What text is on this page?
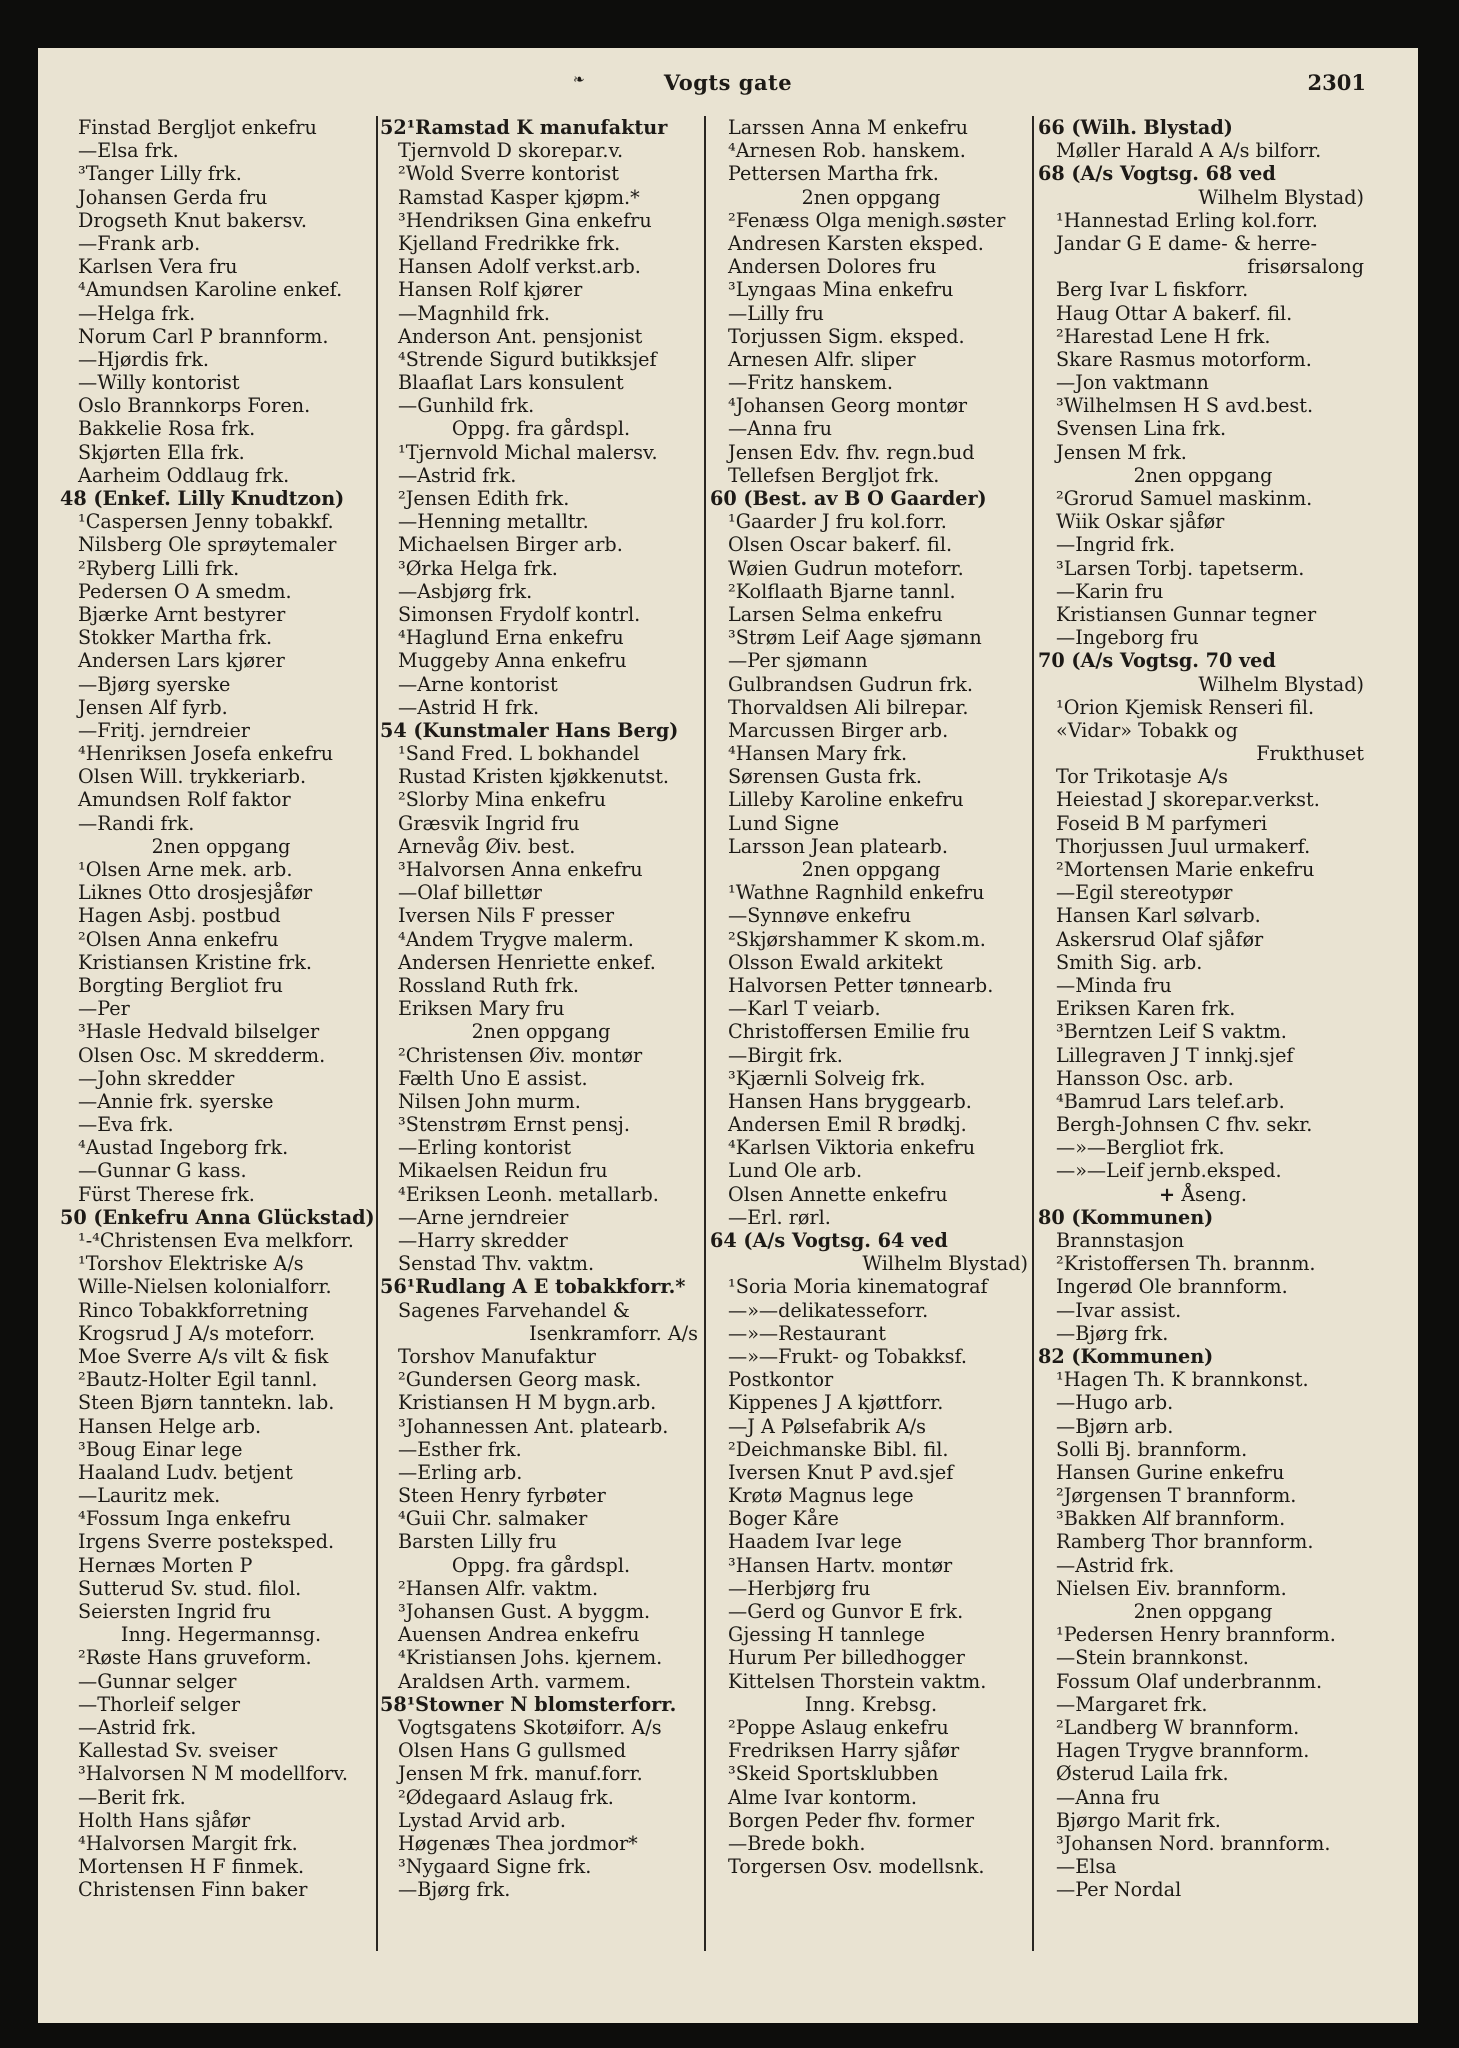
❧	Vogts gate	2301
Finstad Bergljot enkefru
—Elsa frk.
³Tanger Lilly frk.
Johansen Gerda fru
Drogseth Knut bakersv.
—Frank arb.
Karlsen Vera fru
⁴Amundsen Karoline enkef.
—Helga frk.
Norum Carl P brannform.
—Hjørdis frk.
—Willy kontorist
Oslo Brannkorps Foren.
Bakkelie Rosa frk.
Skjørten Ella frk.
Aarheim Oddlaug frk.
48 (Enkef. Lilly Knudtzon)
¹Caspersen Jenny tobakkf.
Nilsberg Ole sprøytemaler
²Ryberg Lilli frk.
Pedersen O A smedm.
Bjærke Arnt bestyrer
Stokker Martha frk.
Andersen Lars kjører
—Bjørg syerske
Jensen Alf fyrb.
—Fritj. jerndreier
⁴Henriksen Josefa enkefru
Olsen Will. trykkeriarb.
Amundsen Rolf faktor
—Randi frk.
2nen oppgang
¹Olsen Arne mek. arb.
Liknes Otto drosjesjåfør
Hagen Asbj. postbud
²Olsen Anna enkefru
Kristiansen Kristine frk.
Borgting Bergliot fru
—Per
³Hasle Hedvald bilselger
Olsen Osc. M skredderm.
—John skredder
—Annie frk. syerske
—Eva frk.
⁴Austad Ingeborg frk.
—Gunnar G kass.
Fürst Therese frk.
50 (Enkefru Anna Glückstad)
¹-⁴Christensen Eva melkforr.
¹Torshov Elektriske A/s
Wille-Nielsen kolonialforr.
Rinco Tobakkforretning
Krogsrud J A/s moteforr.
Moe Sverre A/s vilt & fisk
²Bautz-Holter Egil tannl.
Steen Bjørn tanntekn. lab.
Hansen Helge arb.
³Boug Einar lege
Haaland Ludv. betjent
—Lauritz mek.
⁴Fossum Inga enkefru
Irgens Sverre posteksped.
Hernæs Morten P
Sutterud Sv. stud. filol.
Seiersten Ingrid fru
Inng. Hegermannsg.
²Røste Hans gruveform.
—Gunnar selger
—Thorleif selger
—Astrid frk.
Kallestad Sv. sveiser
³Halvorsen N M modellforv.
—Berit frk.
Holth Hans sjåfør
⁴Halvorsen Margit frk.
Mortensen H F finmek.
Christensen Finn baker
52¹Ramstad K manufaktur
Tjernvold D skorepar.v.
²Wold Sverre kontorist
Ramstad Kasper kjøpm.*
³Hendriksen Gina enkefru
Kjelland Fredrikke frk.
Hansen Adolf verkst.arb.
Hansen Rolf kjører
—Magnhild frk.
Anderson Ant. pensjonist
⁴Strende Sigurd butikksjef
Blaaflat Lars konsulent
—Gunhild frk.
Oppg. fra gårdspl.
¹Tjernvold Michal malersv.
—Astrid frk.
²Jensen Edith frk.
—Henning metalltr.
Michaelsen Birger arb.
³Ørka Helga frk.
—Asbjørg frk.
Simonsen Frydolf kontrl.
⁴Haglund Erna enkefru
Muggeby Anna enkefru
—Arne kontorist
—Astrid H frk.
54 (Kunstmaler Hans Berg)
¹Sand Fred. L bokhandel
Rustad Kristen kjøkkenutst.
²Slorby Mina enkefru
Græsvik Ingrid fru
Arnevåg Øiv. best.
³Halvorsen Anna enkefru
—Olaf billettør
Iversen Nils F presser
⁴Andem Trygve malerm.
Andersen Henriette enkef.
Rossland Ruth frk.
Eriksen Mary fru
2nen oppgang
²Christensen Øiv. montør
Fælth Uno E assist.
Nilsen John murm.
³Stenstrøm Ernst pensj.
—Erling kontorist
Mikaelsen Reidun fru
⁴Eriksen Leonh. metallarb.
—Arne jerndreier
—Harry skredder
Senstad Thv. vaktm.
56¹Rudlang A E tobakkforr.*
Sagenes Farvehandel &
Isenkramforr. A/s
Torshov Manufaktur
²Gundersen Georg mask.
Kristiansen H M bygn.arb.
³Johannessen Ant. platearb.
—Esther frk.
—Erling arb.
Steen Henry fyrbøter
⁴Guii Chr. salmaker
Barsten Lilly fru
Oppg. fra gårdspl.
²Hansen Alfr. vaktm.
³Johansen Gust. A byggm.
Auensen Andrea enkefru
⁴Kristiansen Johs. kjernem.
Araldsen Arth. varmem.
58¹Stowner N blomsterforr.
Vogtsgatens Skotøiforr. A/s
Olsen Hans G gullsmed
Jensen M frk. manuf.forr.
²Ødegaard Aslaug frk.
Lystad Arvid arb.
Høgenæs Thea jordmor*
³Nygaard Signe frk.
—Bjørg frk.
Larssen Anna M enkefru
⁴Arnesen Rob. hanskem.
Pettersen Martha frk.
2nen oppgang
²Fenæss Olga menigh.søster
Andresen Karsten eksped.
Andersen Dolores fru
³Lyngaas Mina enkefru
—Lilly fru
Torjussen Sigm. eksped.
Arnesen Alfr. sliper
—Fritz hanskem.
⁴Johansen Georg montør
—Anna fru
Jensen Edv. fhv. regn.bud
Tellefsen Bergljot frk.
60 (Best. av B O Gaarder)
¹Gaarder J fru kol.forr.
Olsen Oscar bakerf. fil.
Wøien Gudrun moteforr.
²Kolflaath Bjarne tannl.
Larsen Selma enkefru
³Strøm Leif Aage sjømann
—Per sjømann
Gulbrandsen Gudrun frk.
Thorvaldsen Ali bilrepar.
Marcussen Birger arb.
⁴Hansen Mary frk.
Sørensen Gusta frk.
Lilleby Karoline enkefru
Lund Signe
Larsson Jean platearb.
2nen oppgang
¹Wathne Ragnhild enkefru
—Synnøve enkefru
²Skjørshammer K skom.m.
Olsson Ewald arkitekt
Halvorsen Petter tønnearb.
—Karl T veiarb.
Christoffersen Emilie fru
—Birgit frk.
³Kjærnli Solveig frk.
Hansen Hans bryggearb.
Andersen Emil R brødkj.
⁴Karlsen Viktoria enkefru
Lund Ole arb.
Olsen Annette enkefru
—Erl. rørl.
64 (A/s Vogtsg. 64 ved
Wilhelm Blystad)
¹Soria Moria kinematograf
—»—delikatesseforr.
—»—Restaurant
—»—Frukt- og Tobakksf.
Postkontor
Kippenes J A kjøttforr.
—J A Pølsefabrik A/s
²Deichmanske Bibl. fil.
Iversen Knut P avd.sjef
Krøtø Magnus lege
Boger Kåre
Haadem Ivar lege
³Hansen Hartv. montør
—Herbjørg fru
—Gerd og Gunvor E frk.
Gjessing H tannlege
Hurum Per billedhogger
Kittelsen Thorstein vaktm.
Inng. Krebsg.
²Poppe Aslaug enkefru
Fredriksen Harry sjåfør
³Skeid Sportsklubben
Alme Ivar kontorm.
Borgen Peder fhv. former
—Brede bokh.
Torgersen Osv. modellsnk.
66 (Wilh. Blystad)
Møller Harald A A/s bilforr.
68 (A/s Vogtsg. 68 ved
Wilhelm Blystad)
¹Hannestad Erling kol.forr.
Jandar G E dame- & herre-
frisørsalong
Berg Ivar L fiskforr.
Haug Ottar A bakerf. fil.
²Harestad Lene H frk.
Skare Rasmus motorform.
—Jon vaktmann
³Wilhelmsen H S avd.best.
Svensen Lina frk.
Jensen M frk.
2nen oppgang
²Grorud Samuel maskinm.
Wiik Oskar sjåfør
—Ingrid frk.
³Larsen Torbj. tapetserm.
—Karin fru
Kristiansen Gunnar tegner
—Ingeborg fru
70 (A/s Vogtsg. 70 ved
Wilhelm Blystad)
¹Orion Kjemisk Renseri fil.
«Vidar» Tobakk og
Frukthuset
Tor Trikotasje A/s
Heiestad J skorepar.verkst.
Foseid B M parfymeri
Thorjussen Juul urmakerf.
²Mortensen Marie enkefru
—Egil stereotypør
Hansen Karl sølvarb.
Askersrud Olaf sjåfør
Smith Sig. arb.
—Minda fru
Eriksen Karen frk.
³Berntzen Leif S vaktm.
Lillegraven J T innkj.sjef
Hansson Osc. arb.
⁴Bamrud Lars telef.arb.
Bergh-Johnsen C fhv. sekr.
—»—Bergliot frk.
—»—Leif jernb.eksped.
+ Åseng.
80 (Kommunen)
Brannstasjon
²Kristoffersen Th. brannm.
Ingerød Ole brannform.
—Ivar assist.
—Bjørg frk.
82 (Kommunen)
¹Hagen Th. K brannkonst.
—Hugo arb.
—Bjørn arb.
Solli Bj. brannform.
Hansen Gurine enkefru
²Jørgensen T brannform.
³Bakken Alf brannform.
Ramberg Thor brannform.
—Astrid frk.
Nielsen Eiv. brannform.
2nen oppgang
¹Pedersen Henry brannform.
—Stein brannkonst.
Fossum Olaf underbrannm.
—Margaret frk.
²Landberg W brannform.
Hagen Trygve brannform.
Østerud Laila frk.
—Anna fru
Bjørgo Marit frk.
³Johansen Nord. brannform.
—Elsa
—Per Nordal
